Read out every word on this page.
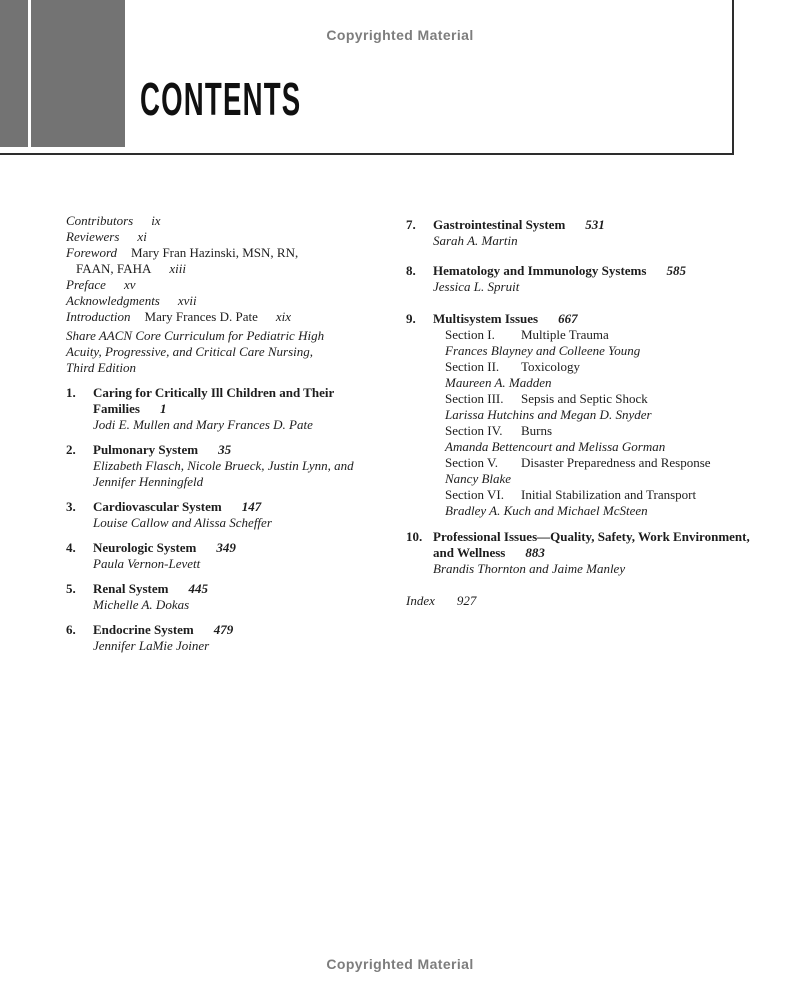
Copyrighted Material
CONTENTS
Contributors ix
Reviewers xi
Foreword Mary Fran Hazinski, MSN, RN,
FAAN, FAHA xiii
Preface xv
Acknowledgments xvii
Introduction Mary Frances D. Pate xix
Share AACN Core Curriculum for Pediatric High
Acuity, Progressive, and Critical Care Nursing,
Third Edition
1.	Caring for Critically Ill Children and Their Families 1
Jodi E. Mullen and Mary Frances D. Pate
2.	Pulmonary System 35
Elizabeth Flasch, Nicole Brueck, Justin Lynn, and Jennifer Henningfeld
3.	Cardiovascular System 147
Louise Callow and Alissa Scheffer
4.	Neurologic System 349
Paula Vernon-Levett
5.	Renal System 445
Michelle A. Dokas
6.	Endocrine System 479
Jennifer LaMie Joiner
7.	Gastrointestinal System 531
Sarah A. Martin
8.	Hematology and Immunology Systems 585
Jessica L. Spruit
9.	Multisystem Issues 667
Section I. Multiple Trauma
Frances Blayney and Colleene Young
Section II. Toxicology
Maureen A. Madden
Section III. Sepsis and Septic Shock
Larissa Hutchins and Megan D. Snyder
Section IV. Burns
Amanda Bettencourt and Melissa Gorman
Section V. Disaster Preparedness and Response
Nancy Blake
Section VI. Initial Stabilization and Transport
Bradley A. Kuch and Michael McSteen
10. Professional Issues—Quality, Safety, Work Environment, and Wellness 883
Brandis Thornton and Jaime Manley
Index 927
Copyrighted Material
